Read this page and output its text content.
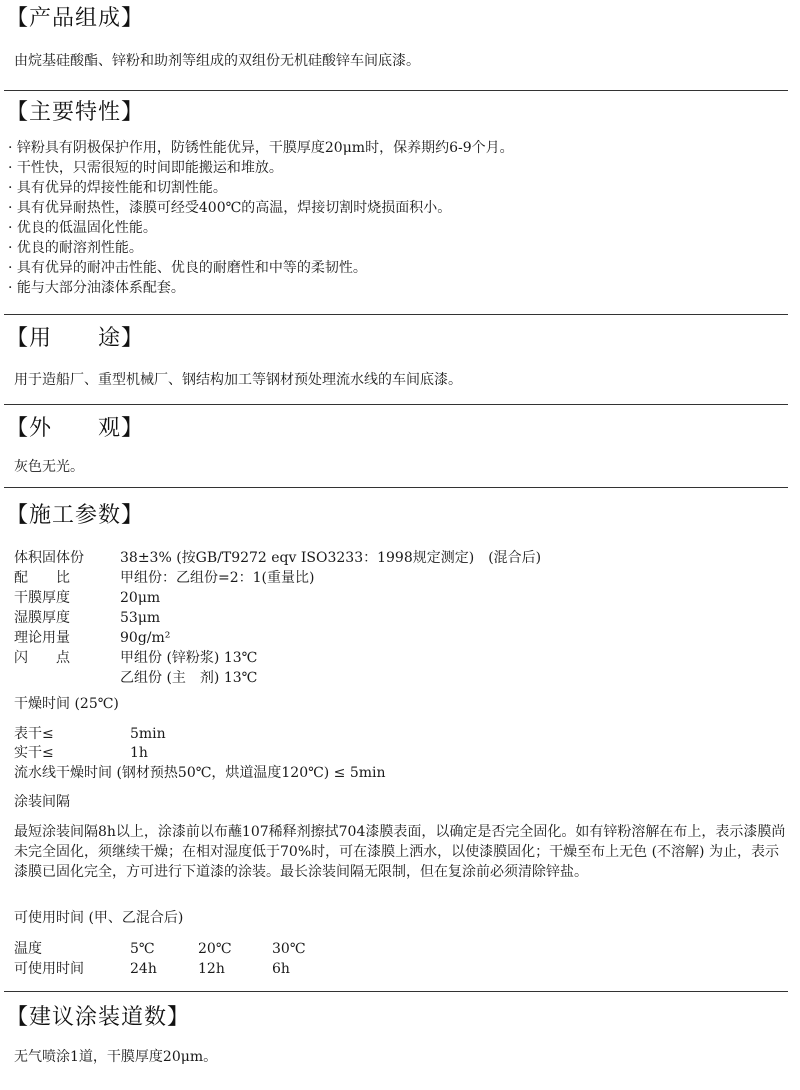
【产品组成】
由烷基硅酸酯、锌粉和助剂等组成的双组份无机硅酸锌车间底漆。
【主要特性】
· 锌粉具有阴极保护作用，防锈性能优异，干膜厚度20μm时，保养期约6-9个月。
· 干性快，只需很短的时间即能搬运和堆放。
· 具有优异的焊接性能和切割性能。
· 具有优异耐热性，漆膜可经受400℃的高温，焊接切割时烧损面积小。
· 优良的低温固化性能。
· 优良的耐溶剂性能。
· 具有优异的耐冲击性能、优良的耐磨性和中等的柔韧性。
· 能与大部分油漆体系配套。
【用　　途】
用于造船厂、重型机械厂、钢结构加工等钢材预处理流水线的车间底漆。
【外　　观】
灰色无光。
【施工参数】
体积固体份	38±3% (按GB/T9272 eqv ISO3233：1998规定测定)　(混合后)
配　　比	甲组份：乙组份=2：1(重量比)
干膜厚度	20μm
湿膜厚度	53μm
理论用量	90g/m²
闪　　点	甲组份 (锌粉浆) 13℃
乙组份 (主　剂) 13℃
干燥时间 (25℃)
表干≤	5min
实干≤	1h
流水线干燥时间 (钢材预热50℃，烘道温度120℃) ≤ 5min
涂装间隔
最短涂装间隔8h以上，涂漆前以布蘸107稀释剂擦拭704漆膜表面，以确定是否完全固化。如有锌粉溶解在布上，表示漆膜尚未完全固化，须继续干燥；在相对湿度低于70%时，可在漆膜上洒水，以使漆膜固化；干燥至布上无色 (不溶解) 为止，表示漆膜已固化完全，方可进行下道漆的涂装。最长涂装间隔无限制，但在复涂前必须清除锌盐。
可使用时间 (甲、乙混合后)
温度	5℃	20℃	30℃
可使用时间	24h	12h	6h
【建议涂装道数】
无气喷涂1道，干膜厚度20μm。
